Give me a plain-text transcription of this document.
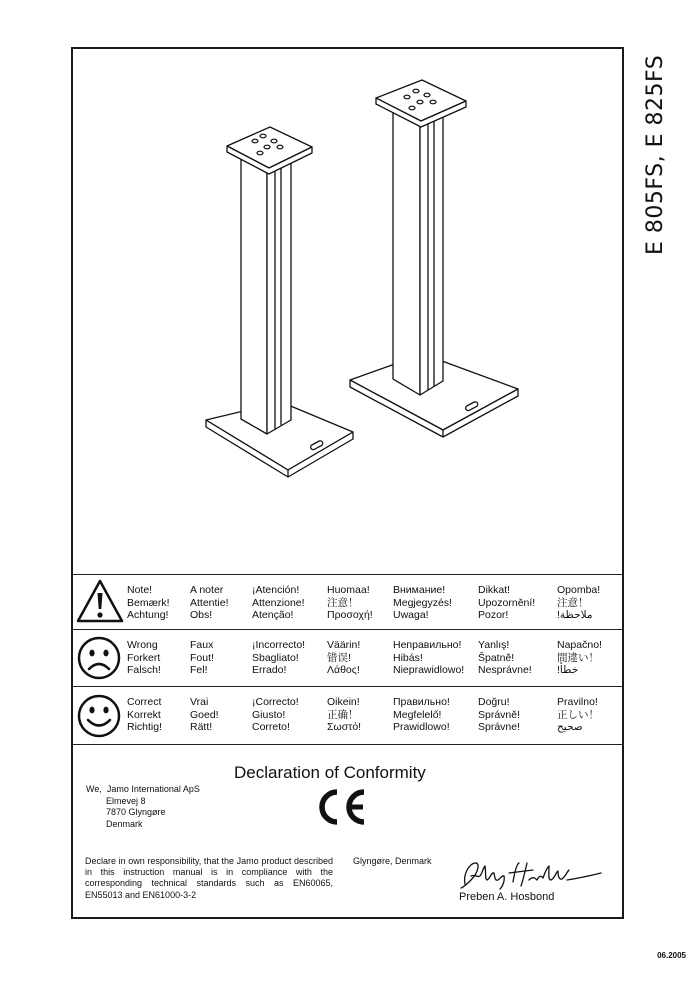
E 805FS, E 825FS
06.2005
Note!
Bemærk!
Achtung!
A noter
Attentie!
Obs!
¡Atención!
Attenzione!
Atenção!
Huomaa!
注意！
Προσοχή!
Внимание!
Megjegyzés!
Uwaga!
Dikkat!
Upozornění!
Pozor!
Opomba!
注意！
!ملاحظة
Wrong
Forkert
Falsch!
Faux
Fout!
Fel!
¡Incorrecto!
Sbagliato!
Errado!
Väärin!
错误!
Λάθος!
Неправильно!
Hibás!
Nieprawidlowo!
Yanlış!
Špatně!
Nesprávne!
Napačno!
間違い！
!خطأ
Correct
Korrekt
Richtig!
Vrai
Goed!
Rätt!
¡Correcto!
Giusto!
Correto!
Oikein!
正确！
Σωστό!
Правильно!
Megfelelő!
Prawidlowo!
Doğru!
Správně!
Správne!
Pravilno!
正しい！
صحيح
Declaration of Conformity
We, Jamo International ApS
Elmevej 8
7870 Glyngøre
Denmark
Declare in own responsibility, that the Jamo product described in this instruction manual is in compliance with the corresponding technical standards such as EN60065, EN55013 and EN61000-3-2
Glyngøre, Denmark
Preben A. Hosbond
